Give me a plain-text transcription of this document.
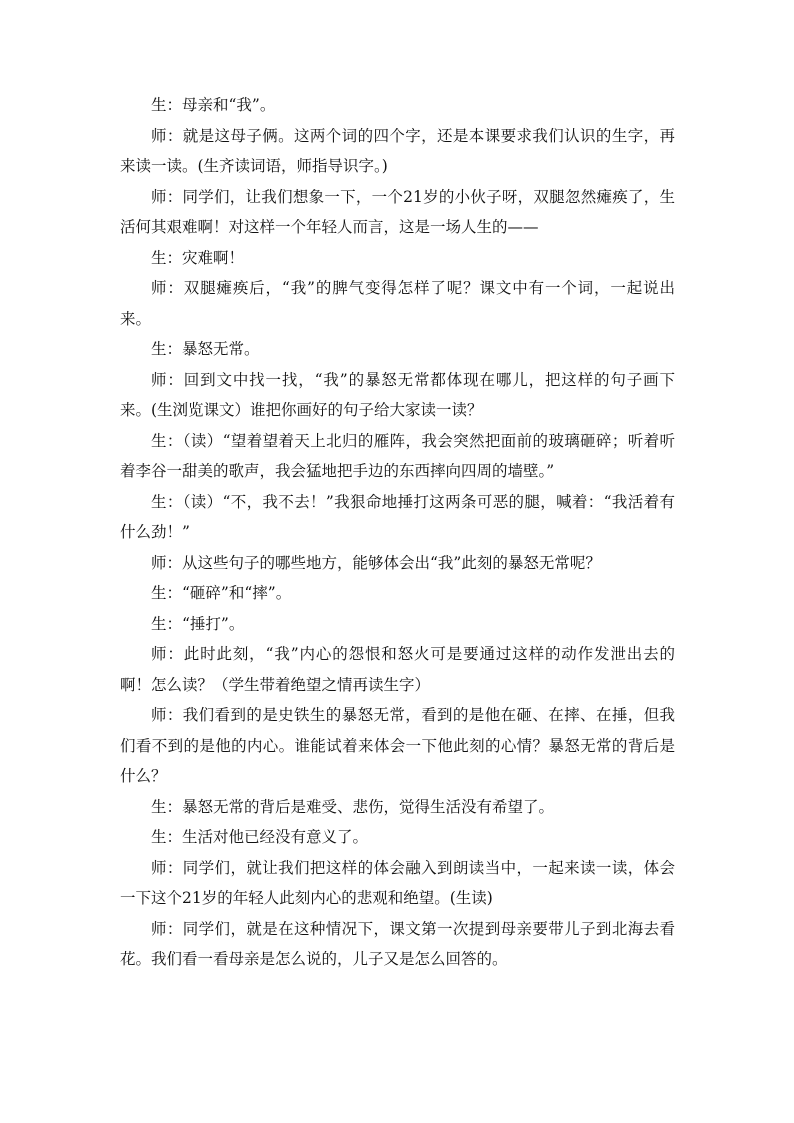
生：母亲和“我”。

师：就是这母子俩。这两个词的四个字，还是本课要求我们认识的生字，再来读一读。(生齐读词语，师指导识字。)

师：同学们，让我们想象一下，一个21岁的小伙子呀，双腿忽然瘫痪了，生活何其艰难啊！对这样一个年轻人而言，这是一场人生的——

生：灾难啊！

师：双腿瘫痪后，“我”的脾气变得怎样了呢？课文中有一个词，一起说出来。

生：暴怒无常。

师：回到文中找一找，“我”的暴怒无常都体现在哪儿，把这样的句子画下来。(生浏览课文）谁把你画好的句子给大家读一读？

生：（读）“望着望着天上北归的雁阵，我会突然把面前的玻璃砸碎；听着听着李谷一甜美的歌声，我会猛地把手边的东西摔向四周的墙壁。”

生：（读）“不，我不去！”我狠命地捶打这两条可恶的腿，喊着：“我活着有什么劲！”

师：从这些句子的哪些地方，能够体会出“我”此刻的暴怒无常呢？

生：“砸碎”和“摔”。

生：“捶打”。

师：此时此刻，“我”内心的怨恨和怒火可是要通过这样的动作发泄出去的啊！怎么读？（学生带着绝望之情再读生字）

师：我们看到的是史铁生的暴怒无常，看到的是他在砸、在摔、在捶，但我们看不到的是他的内心。谁能试着来体会一下他此刻的心情？暴怒无常的背后是什么？

生：暴怒无常的背后是难受、悲伤，觉得生活没有希望了。

生：生活对他已经没有意义了。

师：同学们，就让我们把这样的体会融入到朗读当中，一起来读一读，体会一下这个21岁的年轻人此刻内心的悲观和绝望。(生读)

师：同学们，就是在这种情况下，课文第一次提到母亲要带儿子到北海去看花。我们看一看母亲是怎么说的，儿子又是怎么回答的。
